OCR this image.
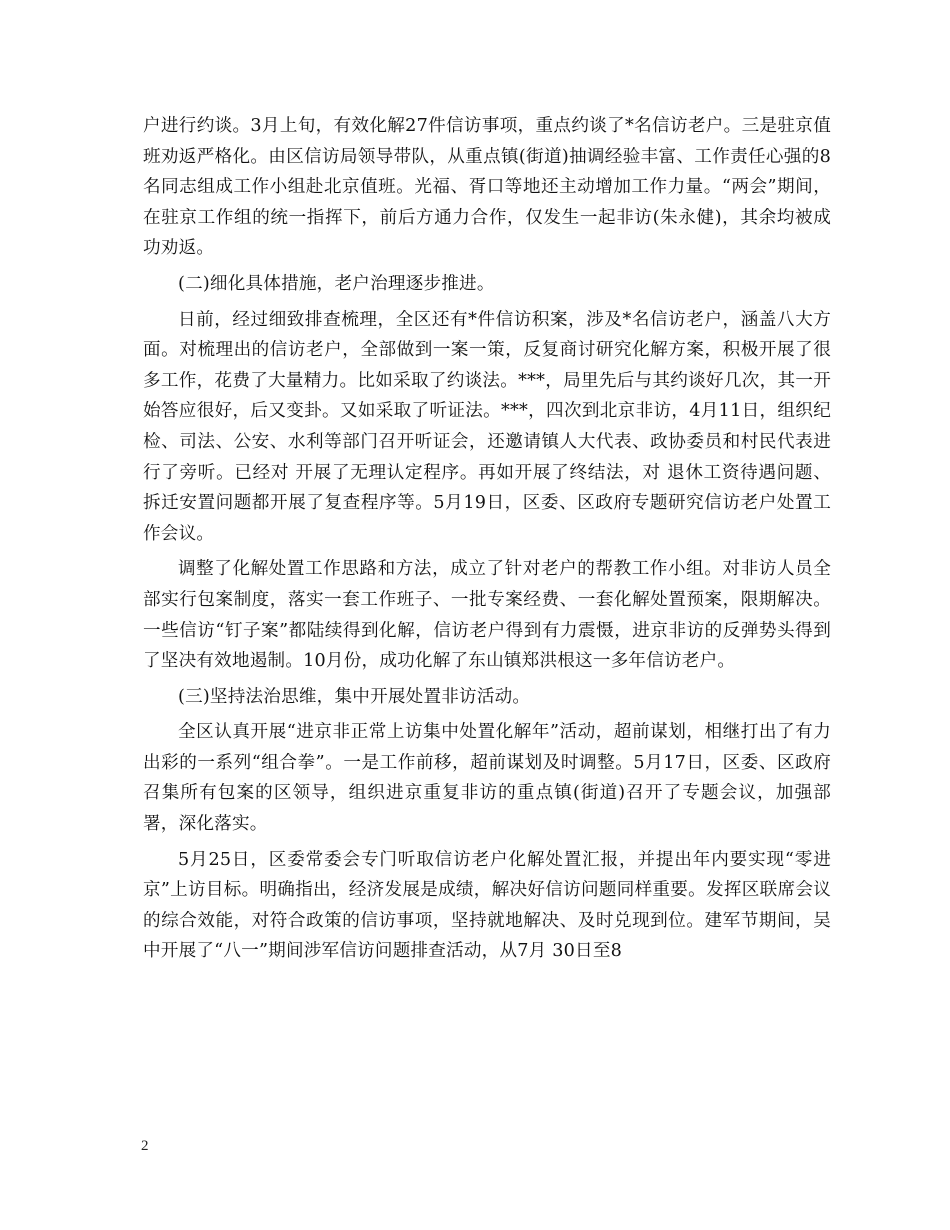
户进行约谈。3月上旬，有效化解27件信访事项，重点约谈了*名信访老户。三是驻京值班劝返严格化。由区信访局领导带队，从重点镇(街道)抽调经验丰富、工作责任心强的8名同志组成工作小组赴北京值班。光福、胥口等地还主动增加工作力量。“两会”期间，在驻京工作组的统一指挥下，前后方通力合作，仅发生一起非访(朱永健)，其余均被成功劝返。

(二)细化具体措施，老户治理逐步推进。

日前，经过细致排查梳理，全区还有*件信访积案，涉及*名信访老户，涵盖八大方面。对梳理出的信访老户，全部做到一案一策，反复商讨研究化解方案，积极开展了很多工作，花费了大量精力。比如采取了约谈法。***，局里先后与其约谈好几次，其一开始答应很好，后又变卦。又如采取了听证法。***，四次到北京非访，4月11日，组织纪检、司法、公安、水利等部门召开听证会，还邀请镇人大代表、政协委员和村民代表进行了旁听。已经对 开展了无理认定程序。再如开展了终结法，对 退休工资待遇问题、 拆迁安置问题都开展了复查程序等。5月19日，区委、区政府专题研究信访老户处置工作会议。

调整了化解处置工作思路和方法，成立了针对老户的帮教工作小组。对非访人员全部实行包案制度，落实一套工作班子、一批专案经费、一套化解处置预案，限期解决。一些信访“钉子案”都陆续得到化解，信访老户得到有力震慑，进京非访的反弹势头得到了坚决有效地遏制。10月份，成功化解了东山镇郑洪根这一多年信访老户。

(三)坚持法治思维，集中开展处置非访活动。

全区认真开展“进京非正常上访集中处置化解年”活动，超前谋划，相继打出了有力出彩的一系列“组合拳”。一是工作前移，超前谋划及时调整。5月17日，区委、区政府召集所有包案的区领导，组织进京重复非访的重点镇(街道)召开了专题会议，加强部署，深化落实。

5月25日，区委常委会专门听取信访老户化解处置汇报，并提出年内要实现“零进京”上访目标。明确指出，经济发展是成绩，解决好信访问题同样重要。发挥区联席会议的综合效能，对符合政策的信访事项，坚持就地解决、及时兑现到位。建军节期间，吴中开展了“八一”期间涉军信访问题排查活动，从7月 30日至8

2
